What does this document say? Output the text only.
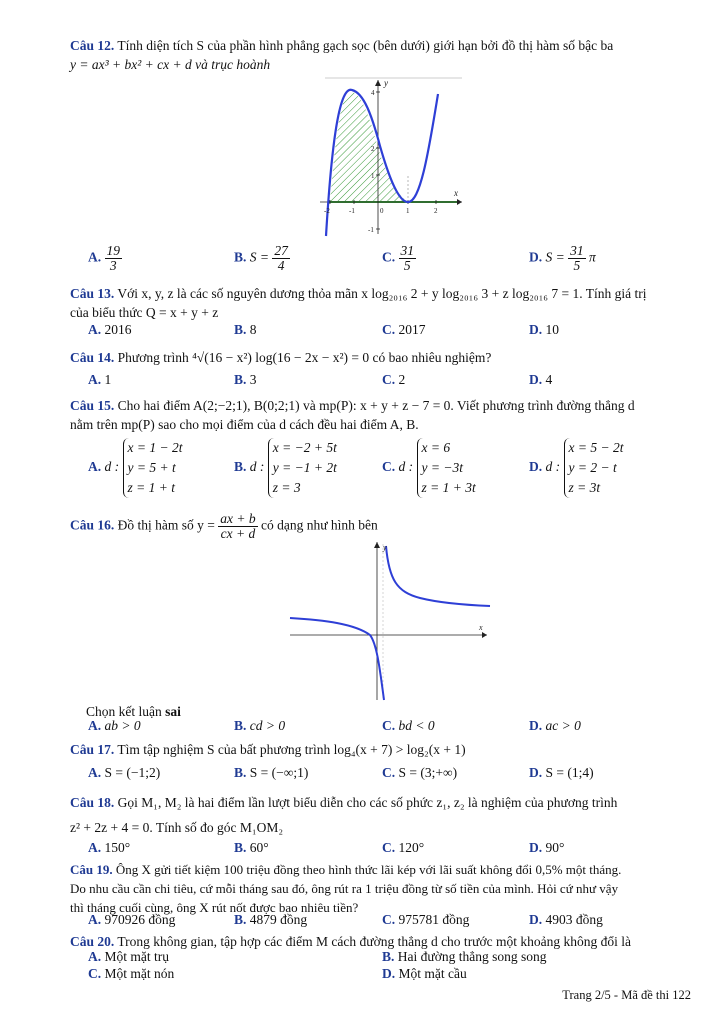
Câu 12. Tính diện tích S của phần hình phẳng gạch sọc (bên dưới) giới hạn bởi đồ thị hàm số bậc ba
y = ax³ + bx² + cx + d và trục hoành
y
x
4
2
1
-1
-2	-1	0	1	2
A. $\frac{19}{3}$	B. $S = \frac{27}{4}$	C. $\frac{31}{5}$	D. $S = \frac{31}{5}$ π
Câu 13. Với x, y, z là các số nguyên dương thỏa mãn x log₂₀₁₆ 2 + y log₂₀₁₆ 3 + z log₂₀₁₆ 7 = 1. Tính giá trị
của biểu thức Q = x + y + z
A. 2016	B. 8	C. 2017	D. 10
Câu 14. Phương trình ⁴√(16 − x²) log(16 − 2x − x²) = 0 có bao nhiêu nghiệm?
A. 1	B. 3	C. 2	D. 4
Câu 15. Cho hai điểm A(2;−2;1), B(0;2;1) và mp(P): x + y + z − 7 = 0. Viết phương trình đường thẳng d
nằm trên mp(P) sao cho mọi điểm của d cách đều hai điểm A, B.
A. d :
x = 1 − 2t
y = 5 + t
z = 1 + t
B. d :
x = −2 + 5t
y = −1 + 2t
z = 3
C. d :
x = 6
y = −3t
z = 1 + 3t
D. d :
x = 5 − 2t
y = 2 − t
z = 3t
Câu 16. Đồ thị hàm số $y = \frac{ax + b}{cx + d}$ có dạng như hình bên
y
x
Chọn kết luận sai
A. ab > 0	B. cd > 0	C. bd < 0	D. ac > 0
Câu 17. Tìm tập nghiệm S của bất phương trình log₄(x + 7) > log₂(x + 1)
A. S = (−1;2)	B. S = (−∞;1)	C. S = (3;+∞)	D. S = (1;4)
Câu 18. Gọi M₁, M₂ là hai điểm lần lượt biểu diễn cho các số phức z₁, z₂ là nghiệm của phương trình
z² + 2z + 4 = 0. Tính số đo góc M₁OM₂
A. 150°	B. 60°	C. 120°	D. 90°
Câu 19. Ông X gửi tiết kiệm 100 triệu đồng theo hình thức lãi kép với lãi suất không đổi 0,5% một tháng.
Do nhu cầu cần chi tiêu, cứ mỗi tháng sau đó, ông rút ra 1 triệu đồng từ số tiền của mình. Hỏi cứ như vậy
thì tháng cuối cùng, ông X rút nốt được bao nhiêu tiền?
A. 970926 đồng	B. 4879 đồng	C. 975781 đồng	D. 4903 đồng
Câu 20. Trong không gian, tập hợp các điểm M cách đường thẳng d cho trước một khoảng không đổi là
A. Một mặt trụ	B. Hai đường thẳng song song
C. Một mặt nón	D. Một mặt cầu
Trang 2/5 - Mã đề thi 122
